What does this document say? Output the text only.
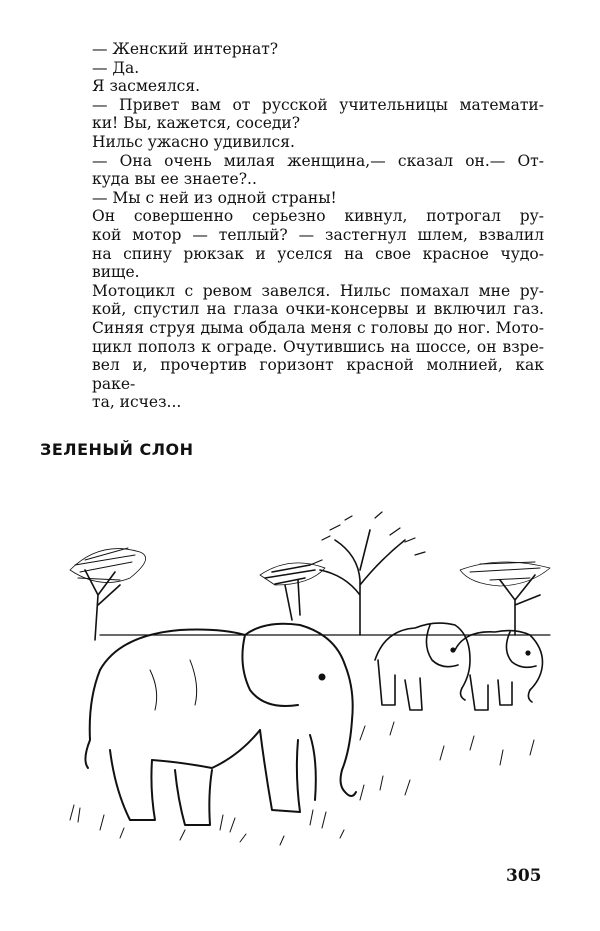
— Женский интернат?
— Да.
Я засмеялся.
— Привет вам от русской учительницы математи-
ки! Вы, кажется, соседи?
Нильс ужасно удивился.
— Она очень милая женщина,— сказал он.— От-
куда вы ее знаете?..
— Мы с ней из одной страны!
Он совершенно серьезно кивнул, потрогал ру-
кой мотор — теплый? — застегнул шлем, взвалил
на спину рюкзак и уселся на свое красное чудо-
вище.
Мотоцикл с ревом завелся. Нильс помахал мне ру-
кой, спустил на глаза очки-консервы и включил газ.
Синяя струя дыма обдала меня с головы до ног. Мото-
цикл пополз к ограде. Очутившись на шоссе, он взре-
вел и, прочертив горизонт красной молнией, как раке-
та, исчез...
ЗЕЛЕНЫЙ СЛОН
305
